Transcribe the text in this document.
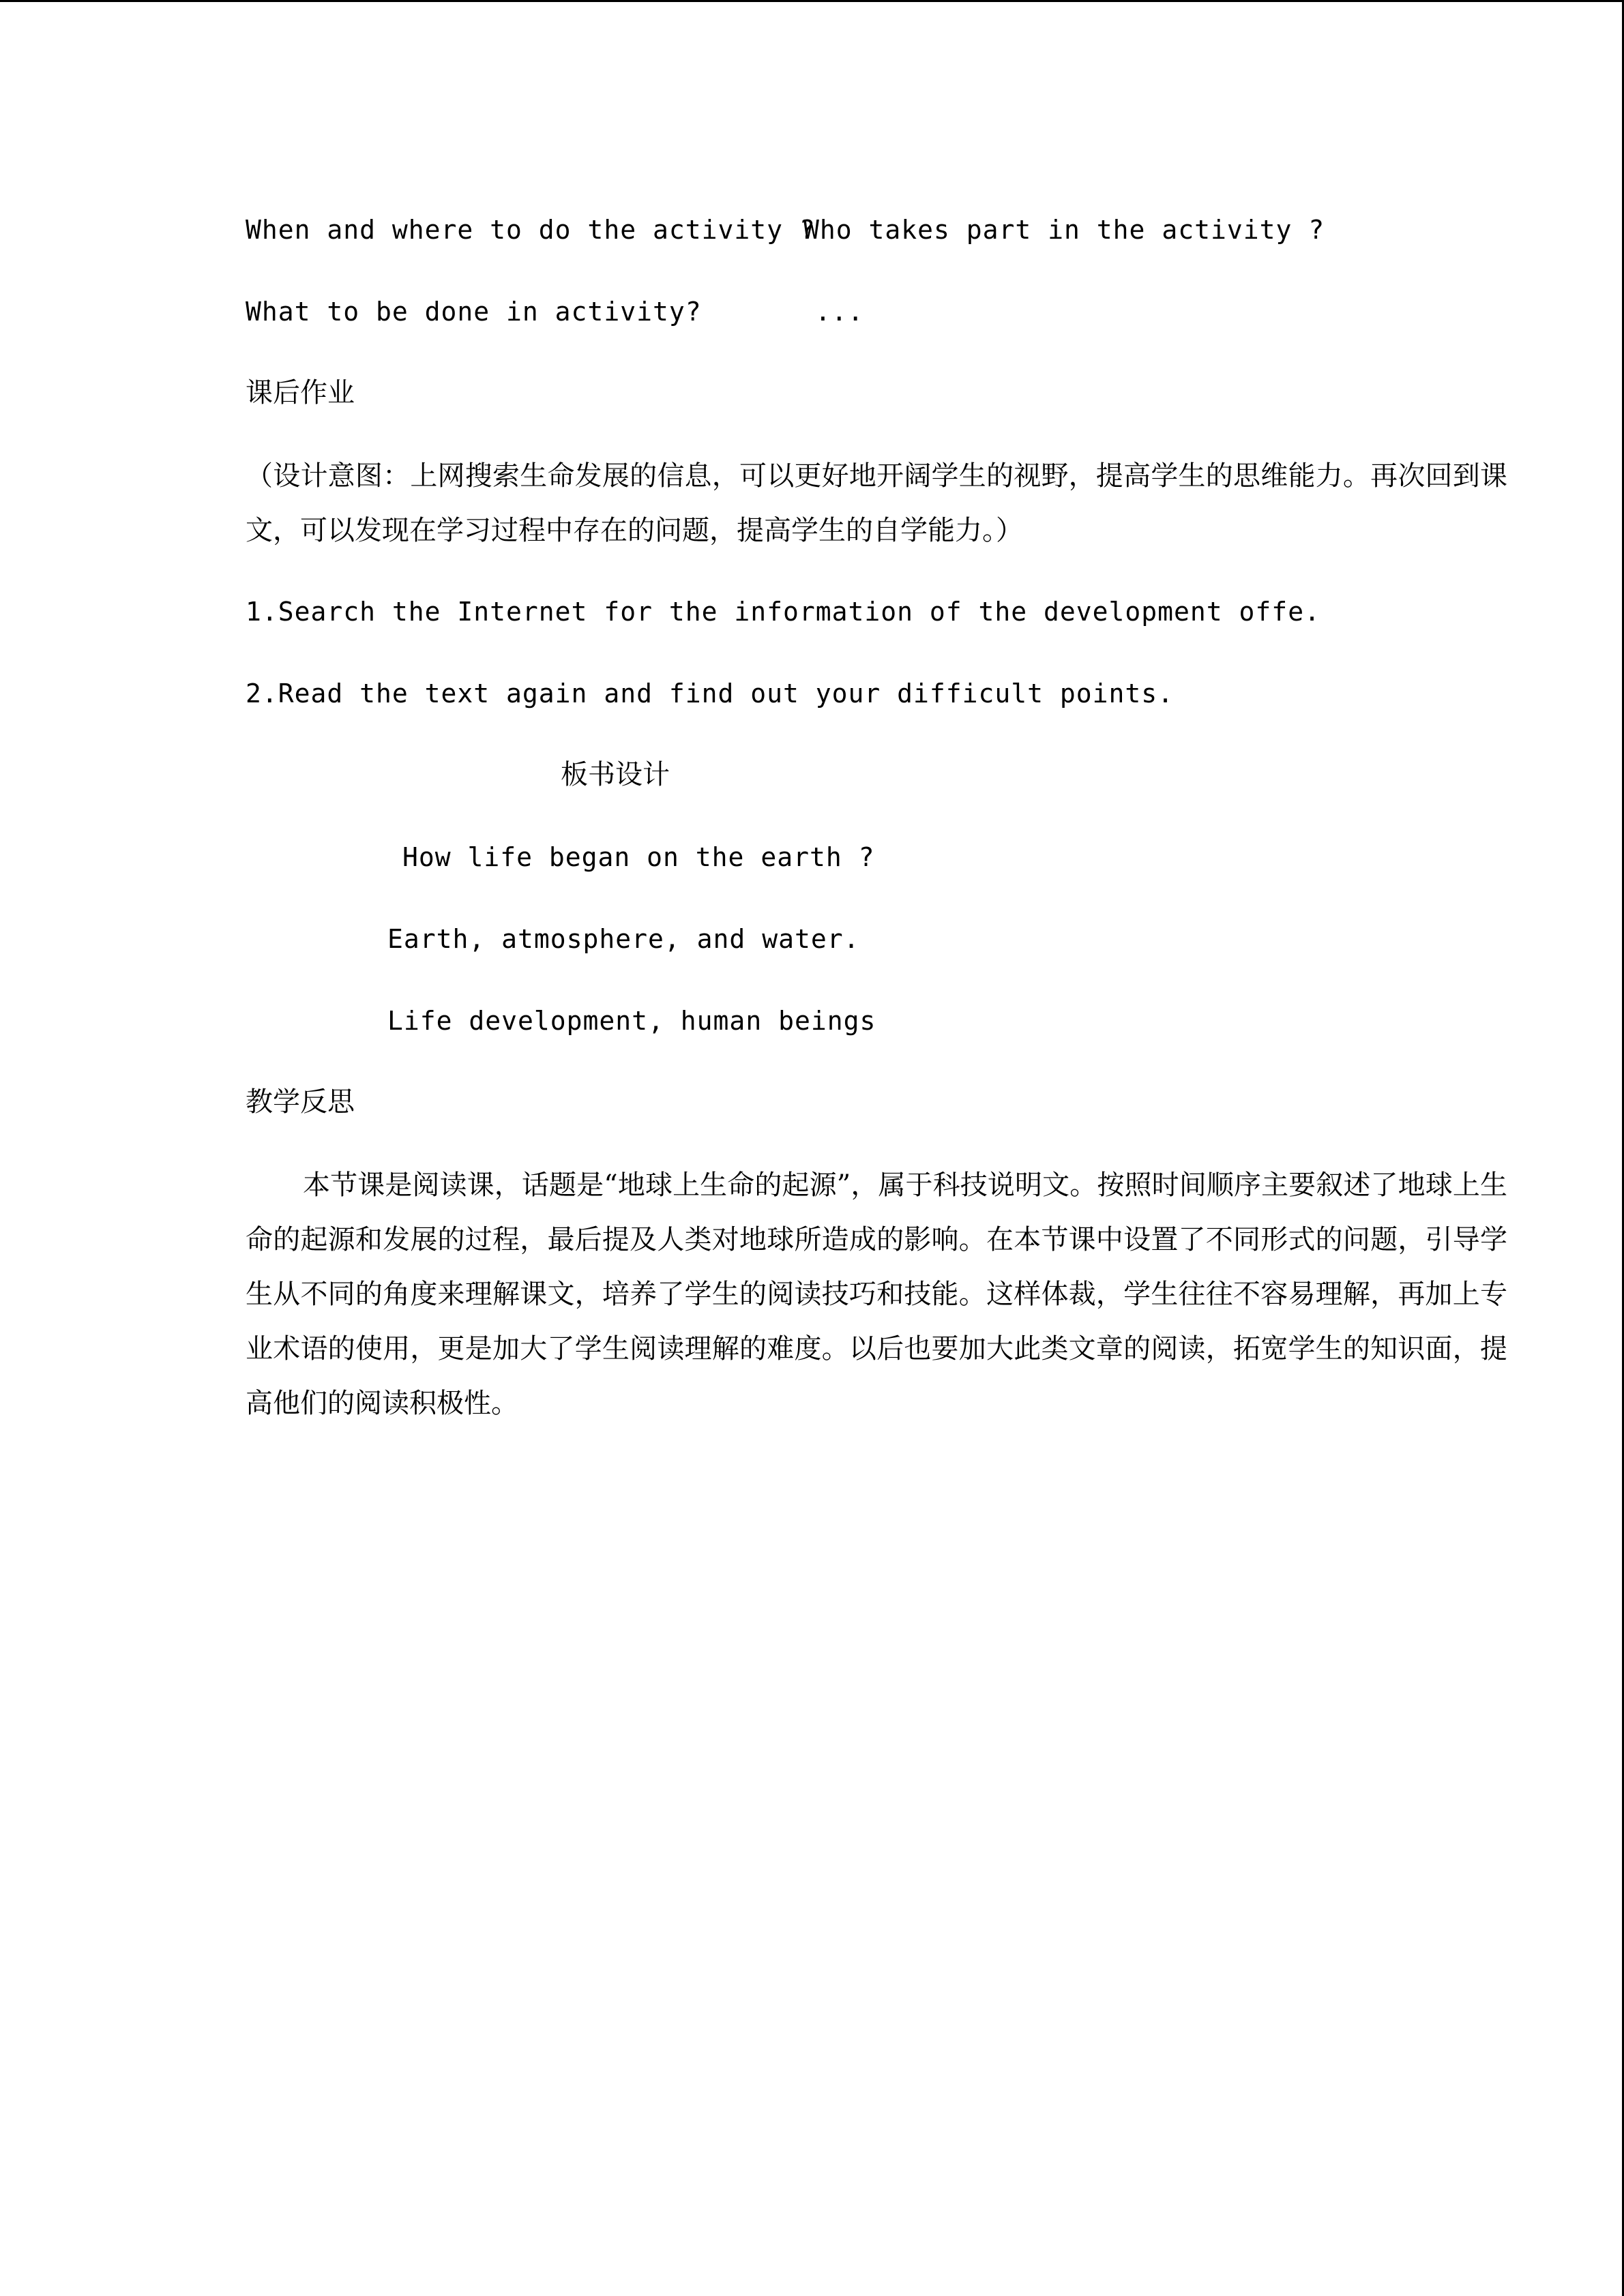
When and where to do the activity ?
Who takes part in the activity ?
What to be done in activity?	...
课后作业
（设计意图：上网搜索生命发展的信息，可以更好地开阔学生的视野，提高学生的思维能力。再次回到课文，可以发现在学习过程中存在的问题，提高学生的自学能力。）
1.Search the Internet for the information of the development offe.
2.Read the text again and find out your difficult points.
板书设计
How life began on the earth ?
Earth, atmosphere, and water.
Life development, human beings
教学反思
本节课是阅读课，话题是“地球上生命的起源”，属于科技说明文。按照时间顺序主要叙述了地球上生命的起源和发展的过程，最后提及人类对地球所造成的影响。在本节课中设置了不同形式的问题，引导学生从不同的角度来理解课文，培养了学生的阅读技巧和技能。这样体裁，学生往往不容易理解，再加上专业术语的使用，更是加大了学生阅读理解的难度。以后也要加大此类文章的阅读，拓宽学生的知识面，提高他们的阅读积极性。
